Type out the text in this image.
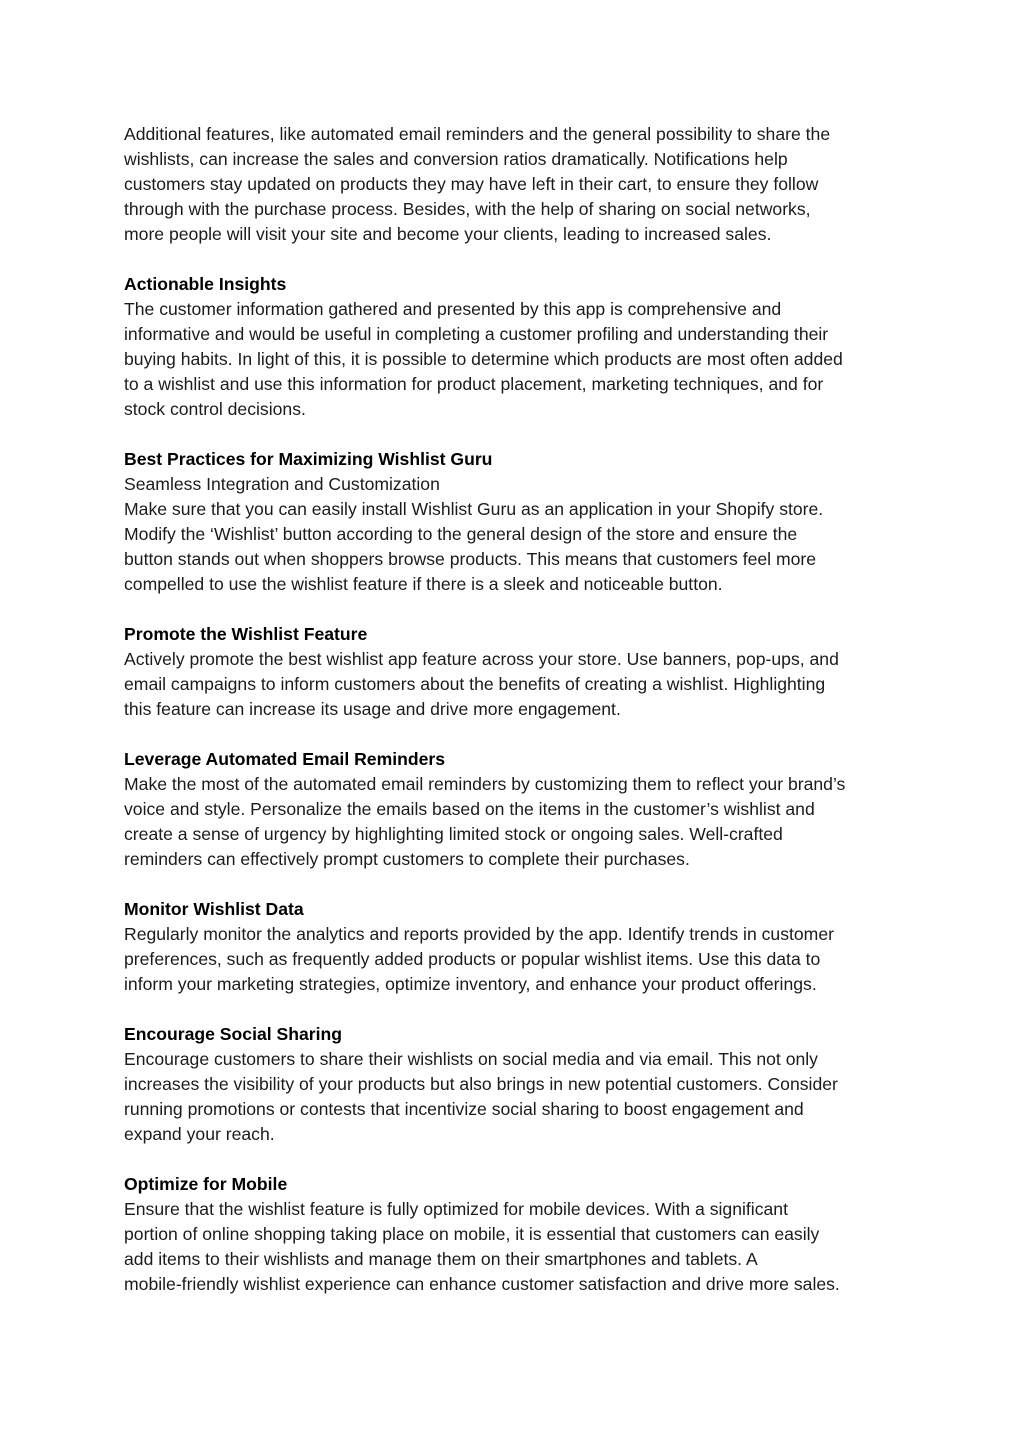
Additional features, like automated email reminders and the general possibility to share the
wishlists, can increase the sales and conversion ratios dramatically. Notifications help
customers stay updated on products they may have left in their cart, to ensure they follow
through with the purchase process. Besides, with the help of sharing on social networks,
more people will visit your site and become your clients, leading to increased sales.
Actionable Insights
The customer information gathered and presented by this app is comprehensive and
informative and would be useful in completing a customer profiling and understanding their
buying habits. In light of this, it is possible to determine which products are most often added
to a wishlist and use this information for product placement, marketing techniques, and for
stock control decisions.
Best Practices for Maximizing Wishlist Guru
Seamless Integration and Customization
Make sure that you can easily install Wishlist Guru as an application in your Shopify store.
Modify the ‘Wishlist’ button according to the general design of the store and ensure the
button stands out when shoppers browse products. This means that customers feel more
compelled to use the wishlist feature if there is a sleek and noticeable button.
Promote the Wishlist Feature
Actively promote the best wishlist app feature across your store. Use banners, pop-ups, and
email campaigns to inform customers about the benefits of creating a wishlist. Highlighting
this feature can increase its usage and drive more engagement.
Leverage Automated Email Reminders
Make the most of the automated email reminders by customizing them to reflect your brand’s
voice and style. Personalize the emails based on the items in the customer’s wishlist and
create a sense of urgency by highlighting limited stock or ongoing sales. Well-crafted
reminders can effectively prompt customers to complete their purchases.
Monitor Wishlist Data
Regularly monitor the analytics and reports provided by the app. Identify trends in customer
preferences, such as frequently added products or popular wishlist items. Use this data to
inform your marketing strategies, optimize inventory, and enhance your product offerings.
Encourage Social Sharing
Encourage customers to share their wishlists on social media and via email. This not only
increases the visibility of your products but also brings in new potential customers. Consider
running promotions or contests that incentivize social sharing to boost engagement and
expand your reach.
Optimize for Mobile
Ensure that the wishlist feature is fully optimized for mobile devices. With a significant
portion of online shopping taking place on mobile, it is essential that customers can easily
add items to their wishlists and manage them on their smartphones and tablets. A
mobile-friendly wishlist experience can enhance customer satisfaction and drive more sales.
